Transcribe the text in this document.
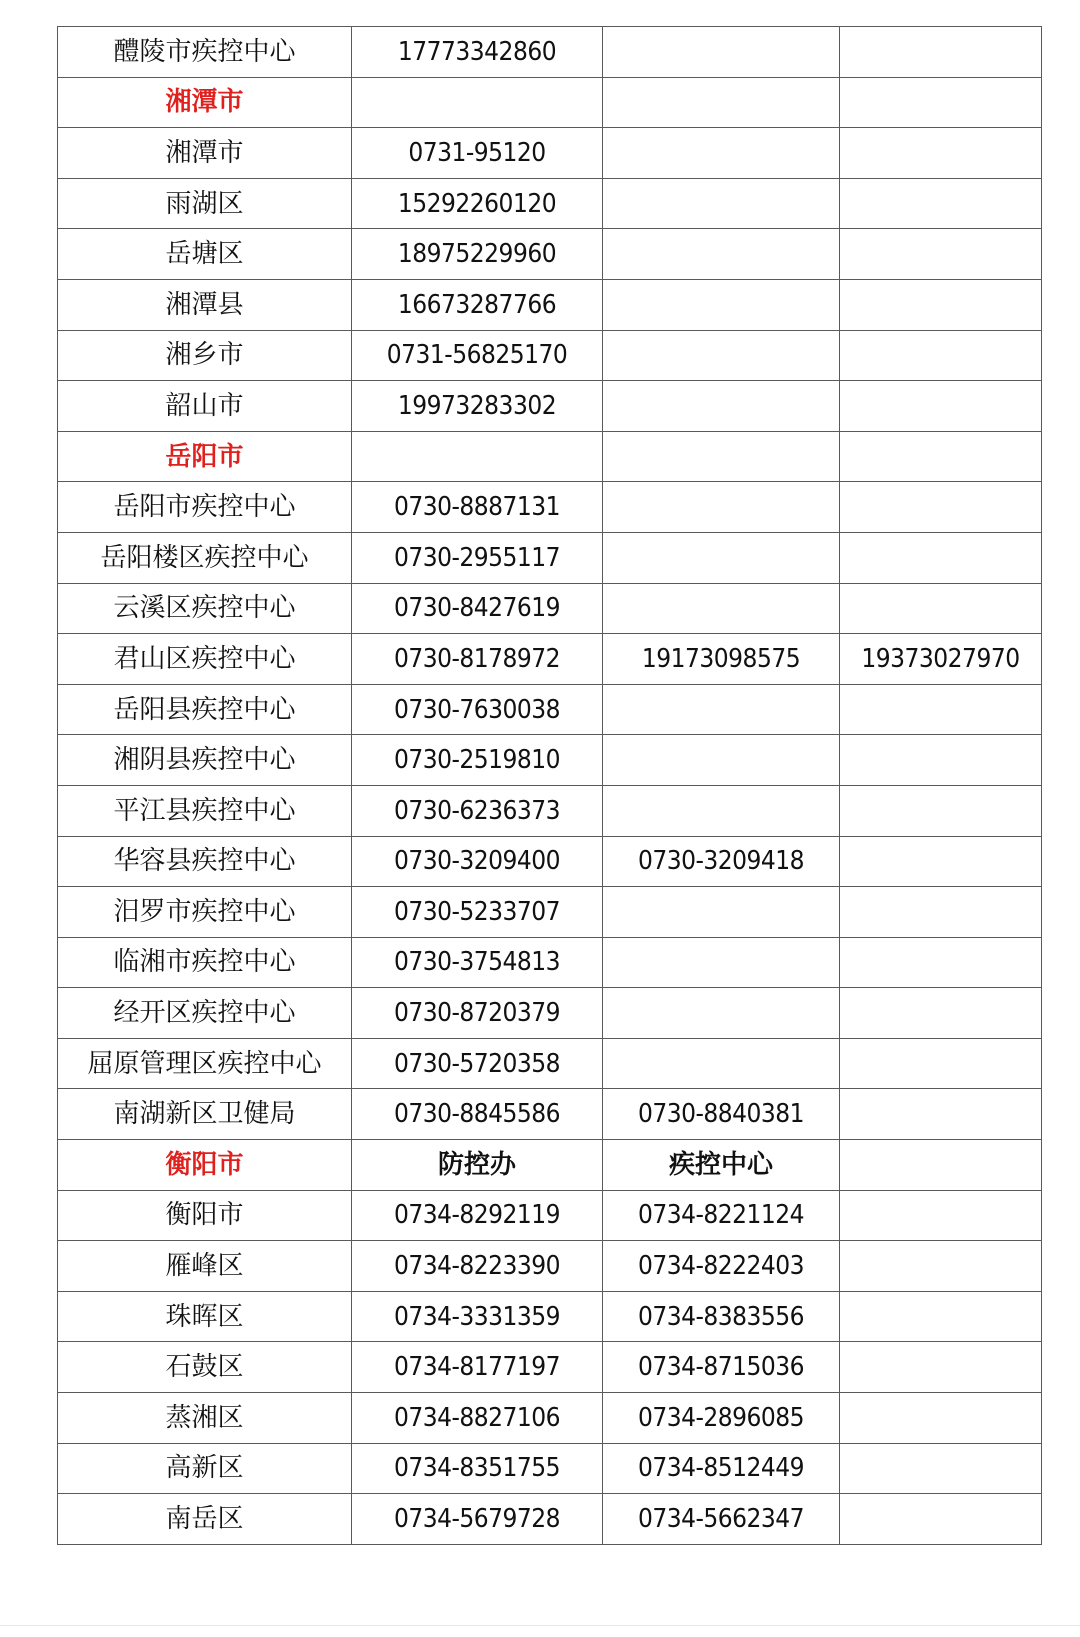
醴陵市疾控中心	17773342860		
湘潭市			
湘潭市	0731-95120		
雨湖区	15292260120		
岳塘区	18975229960		
湘潭县	16673287766		
湘乡市	0731-56825170		
韶山市	19973283302		
岳阳市			
岳阳市疾控中心	0730-8887131		
岳阳楼区疾控中心	0730-2955117		
云溪区疾控中心	0730-8427619		
君山区疾控中心	0730-8178972	19173098575	19373027970
岳阳县疾控中心	0730-7630038		
湘阴县疾控中心	0730-2519810		
平江县疾控中心	0730-6236373		
华容县疾控中心	0730-3209400	0730-3209418	
汨罗市疾控中心	0730-5233707		
临湘市疾控中心	0730-3754813		
经开区疾控中心	0730-8720379		
屈原管理区疾控中心	0730-5720358		
南湖新区卫健局	0730-8845586	0730-8840381	
衡阳市	防控办	疾控中心	
衡阳市	0734-8292119	0734-8221124	
雁峰区	0734-8223390	0734-8222403	
珠晖区	0734-3331359	0734-8383556	
石鼓区	0734-8177197	0734-8715036	
蒸湘区	0734-8827106	0734-2896085	
高新区	0734-8351755	0734-8512449	
南岳区	0734-5679728	0734-5662347	
